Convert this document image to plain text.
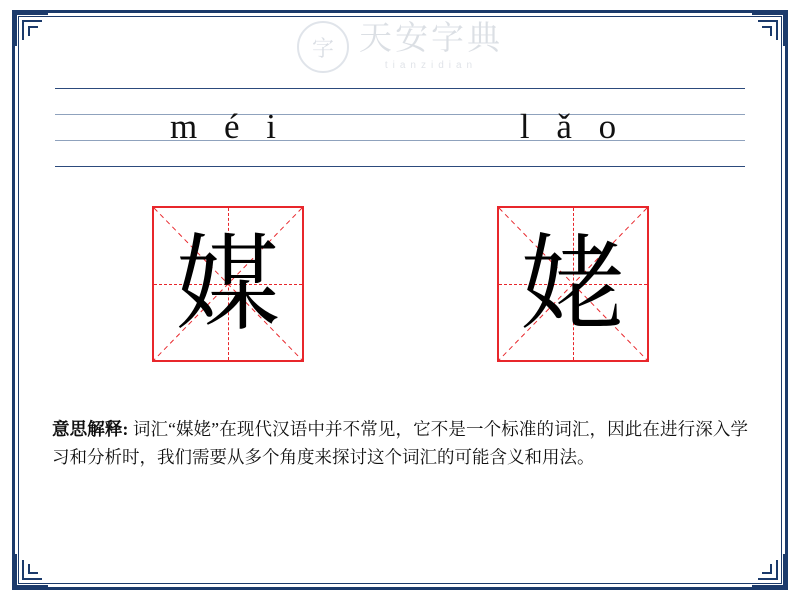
字 天安字典
tianzidian
m é i	l ǎ o
媒 姥
意思解释: 词汇“媒姥”在现代汉语中并不常见，它不是一个标准的词汇，因此在进行深入学习和分析时，我们需要从多个角度来探讨这个词汇的可能含义和用法。
